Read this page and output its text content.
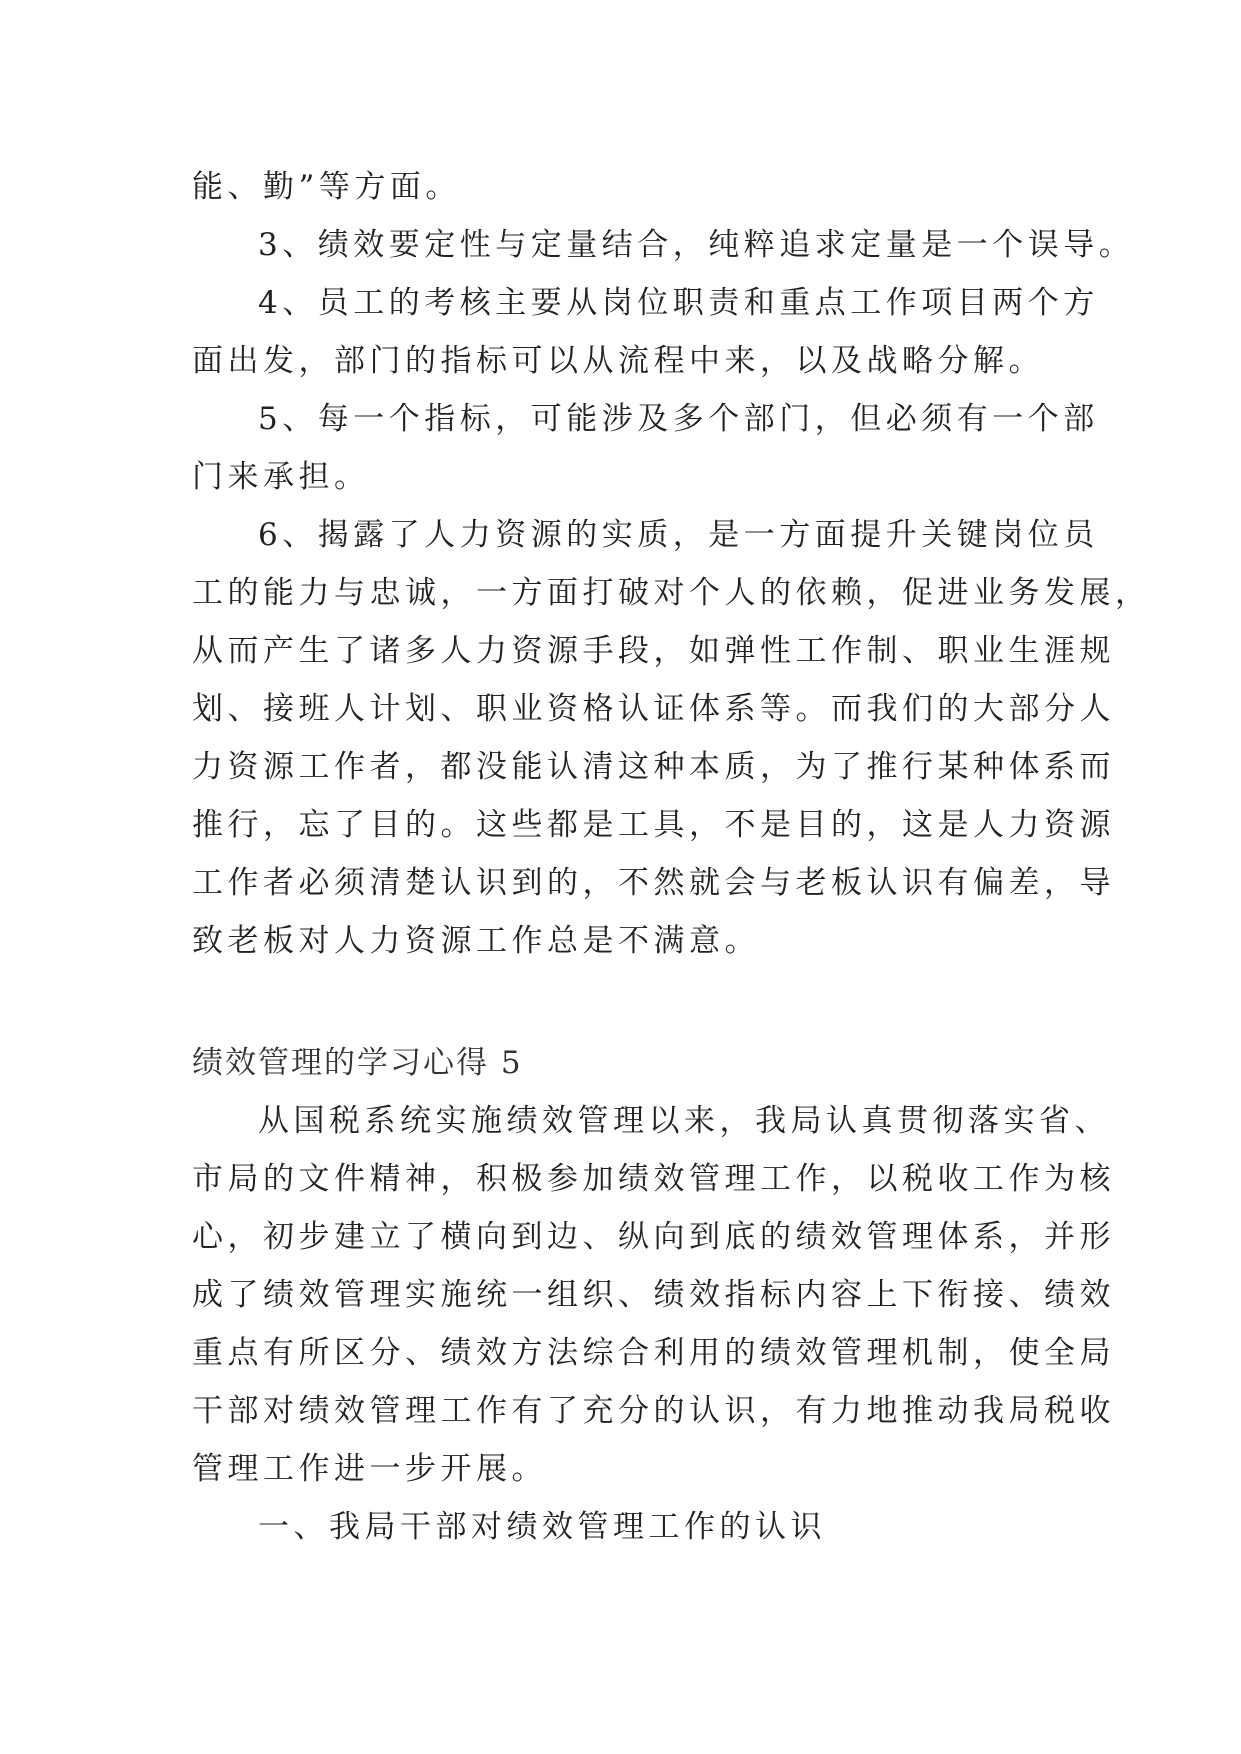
能、勤”等方面。

3、绩效要定性与定量结合，纯粹追求定量是一个误导。

4、员工的考核主要从岗位职责和重点工作项目两个方
面出发，部门的指标可以从流程中来，以及战略分解。

5、每一个指标，可能涉及多个部门，但必须有一个部
门来承担。

6、揭露了人力资源的实质，是一方面提升关键岗位员
工的能力与忠诚，一方面打破对个人的依赖，促进业务发展，
从而产生了诸多人力资源手段，如弹性工作制、职业生涯规
划、接班人计划、职业资格认证体系等。而我们的大部分人
力资源工作者，都没能认清这种本质，为了推行某种体系而
推行，忘了目的。这些都是工具，不是目的，这是人力资源
工作者必须清楚认识到的，不然就会与老板认识有偏差，导
致老板对人力资源工作总是不满意。

绩效管理的学习心得 5

从国税系统实施绩效管理以来，我局认真贯彻落实省、
市局的文件精神，积极参加绩效管理工作，以税收工作为核
心，初步建立了横向到边、纵向到底的绩效管理体系，并形
成了绩效管理实施统一组织、绩效指标内容上下衔接、绩效
重点有所区分、绩效方法综合利用的绩效管理机制，使全局
干部对绩效管理工作有了充分的认识，有力地推动我局税收
管理工作进一步开展。

一、我局干部对绩效管理工作的认识
